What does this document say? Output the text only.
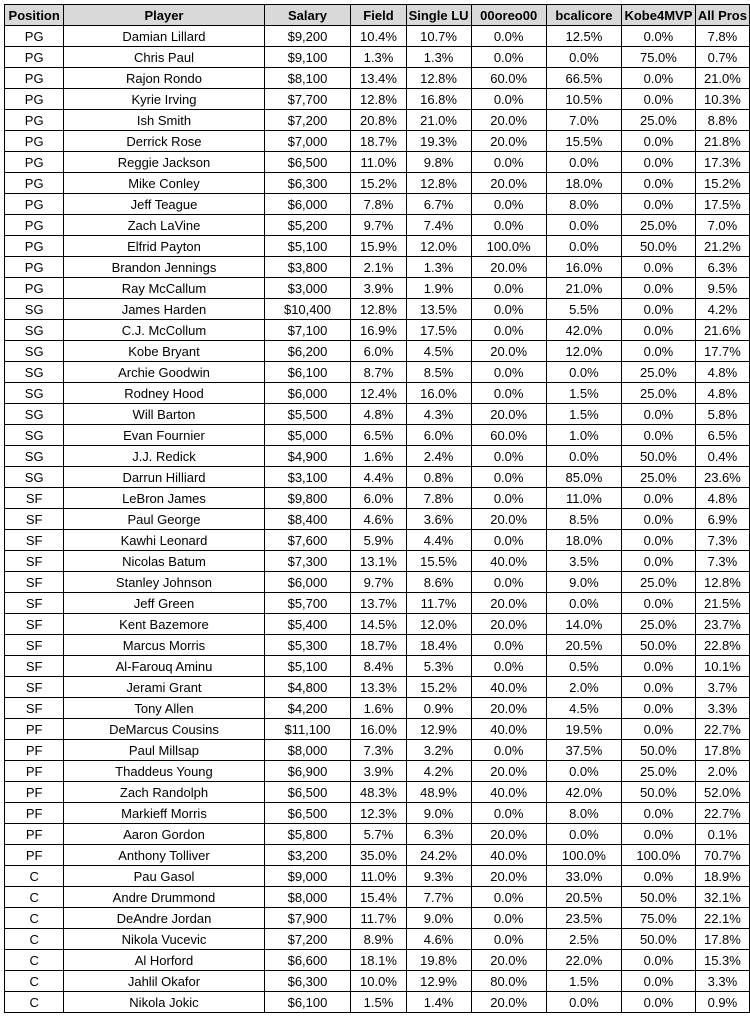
Position	Player	Salary	Field	Single LU	00oreo00	bcalicore	Kobe4MVP	All Pros
PG	Damian Lillard	$9,200	10.4%	10.7%	0.0%	12.5%	0.0%	7.8%
PG	Chris Paul	$9,100	1.3%	1.3%	0.0%	0.0%	75.0%	0.7%
PG	Rajon Rondo	$8,100	13.4%	12.8%	60.0%	66.5%	0.0%	21.0%
PG	Kyrie Irving	$7,700	12.8%	16.8%	0.0%	10.5%	0.0%	10.3%
PG	Ish Smith	$7,200	20.8%	21.0%	20.0%	7.0%	25.0%	8.8%
PG	Derrick Rose	$7,000	18.7%	19.3%	20.0%	15.5%	0.0%	21.8%
PG	Reggie Jackson	$6,500	11.0%	9.8%	0.0%	0.0%	0.0%	17.3%
PG	Mike Conley	$6,300	15.2%	12.8%	20.0%	18.0%	0.0%	15.2%
PG	Jeff Teague	$6,000	7.8%	6.7%	0.0%	8.0%	0.0%	17.5%
PG	Zach LaVine	$5,200	9.7%	7.4%	0.0%	0.0%	25.0%	7.0%
PG	Elfrid Payton	$5,100	15.9%	12.0%	100.0%	0.0%	50.0%	21.2%
PG	Brandon Jennings	$3,800	2.1%	1.3%	20.0%	16.0%	0.0%	6.3%
PG	Ray McCallum	$3,000	3.9%	1.9%	0.0%	21.0%	0.0%	9.5%
SG	James Harden	$10,400	12.8%	13.5%	0.0%	5.5%	0.0%	4.2%
SG	C.J. McCollum	$7,100	16.9%	17.5%	0.0%	42.0%	0.0%	21.6%
SG	Kobe Bryant	$6,200	6.0%	4.5%	20.0%	12.0%	0.0%	17.7%
SG	Archie Goodwin	$6,100	8.7%	8.5%	0.0%	0.0%	25.0%	4.8%
SG	Rodney Hood	$6,000	12.4%	16.0%	0.0%	1.5%	25.0%	4.8%
SG	Will Barton	$5,500	4.8%	4.3%	20.0%	1.5%	0.0%	5.8%
SG	Evan Fournier	$5,000	6.5%	6.0%	60.0%	1.0%	0.0%	6.5%
SG	J.J. Redick	$4,900	1.6%	2.4%	0.0%	0.0%	50.0%	0.4%
SG	Darrun Hilliard	$3,100	4.4%	0.8%	0.0%	85.0%	25.0%	23.6%
SF	LeBron James	$9,800	6.0%	7.8%	0.0%	11.0%	0.0%	4.8%
SF	Paul George	$8,400	4.6%	3.6%	20.0%	8.5%	0.0%	6.9%
SF	Kawhi Leonard	$7,600	5.9%	4.4%	0.0%	18.0%	0.0%	7.3%
SF	Nicolas Batum	$7,300	13.1%	15.5%	40.0%	3.5%	0.0%	7.3%
SF	Stanley Johnson	$6,000	9.7%	8.6%	0.0%	9.0%	25.0%	12.8%
SF	Jeff Green	$5,700	13.7%	11.7%	20.0%	0.0%	0.0%	21.5%
SF	Kent Bazemore	$5,400	14.5%	12.0%	20.0%	14.0%	25.0%	23.7%
SF	Marcus Morris	$5,300	18.7%	18.4%	0.0%	20.5%	50.0%	22.8%
SF	Al-Farouq Aminu	$5,100	8.4%	5.3%	0.0%	0.5%	0.0%	10.1%
SF	Jerami Grant	$4,800	13.3%	15.2%	40.0%	2.0%	0.0%	3.7%
SF	Tony Allen	$4,200	1.6%	0.9%	20.0%	4.5%	0.0%	3.3%
PF	DeMarcus Cousins	$11,100	16.0%	12.9%	40.0%	19.5%	0.0%	22.7%
PF	Paul Millsap	$8,000	7.3%	3.2%	0.0%	37.5%	50.0%	17.8%
PF	Thaddeus Young	$6,900	3.9%	4.2%	20.0%	0.0%	25.0%	2.0%
PF	Zach Randolph	$6,500	48.3%	48.9%	40.0%	42.0%	50.0%	52.0%
PF	Markieff Morris	$6,500	12.3%	9.0%	0.0%	8.0%	0.0%	22.7%
PF	Aaron Gordon	$5,800	5.7%	6.3%	20.0%	0.0%	0.0%	0.1%
PF	Anthony Tolliver	$3,200	35.0%	24.2%	40.0%	100.0%	100.0%	70.7%
C	Pau Gasol	$9,000	11.0%	9.3%	20.0%	33.0%	0.0%	18.9%
C	Andre Drummond	$8,000	15.4%	7.7%	0.0%	20.5%	50.0%	32.1%
C	DeAndre Jordan	$7,900	11.7%	9.0%	0.0%	23.5%	75.0%	22.1%
C	Nikola Vucevic	$7,200	8.9%	4.6%	0.0%	2.5%	50.0%	17.8%
C	Al Horford	$6,600	18.1%	19.8%	20.0%	22.0%	0.0%	15.3%
C	Jahlil Okafor	$6,300	10.0%	12.9%	80.0%	1.5%	0.0%	3.3%
C	Nikola Jokic	$6,100	1.5%	1.4%	20.0%	0.0%	0.0%	0.9%
